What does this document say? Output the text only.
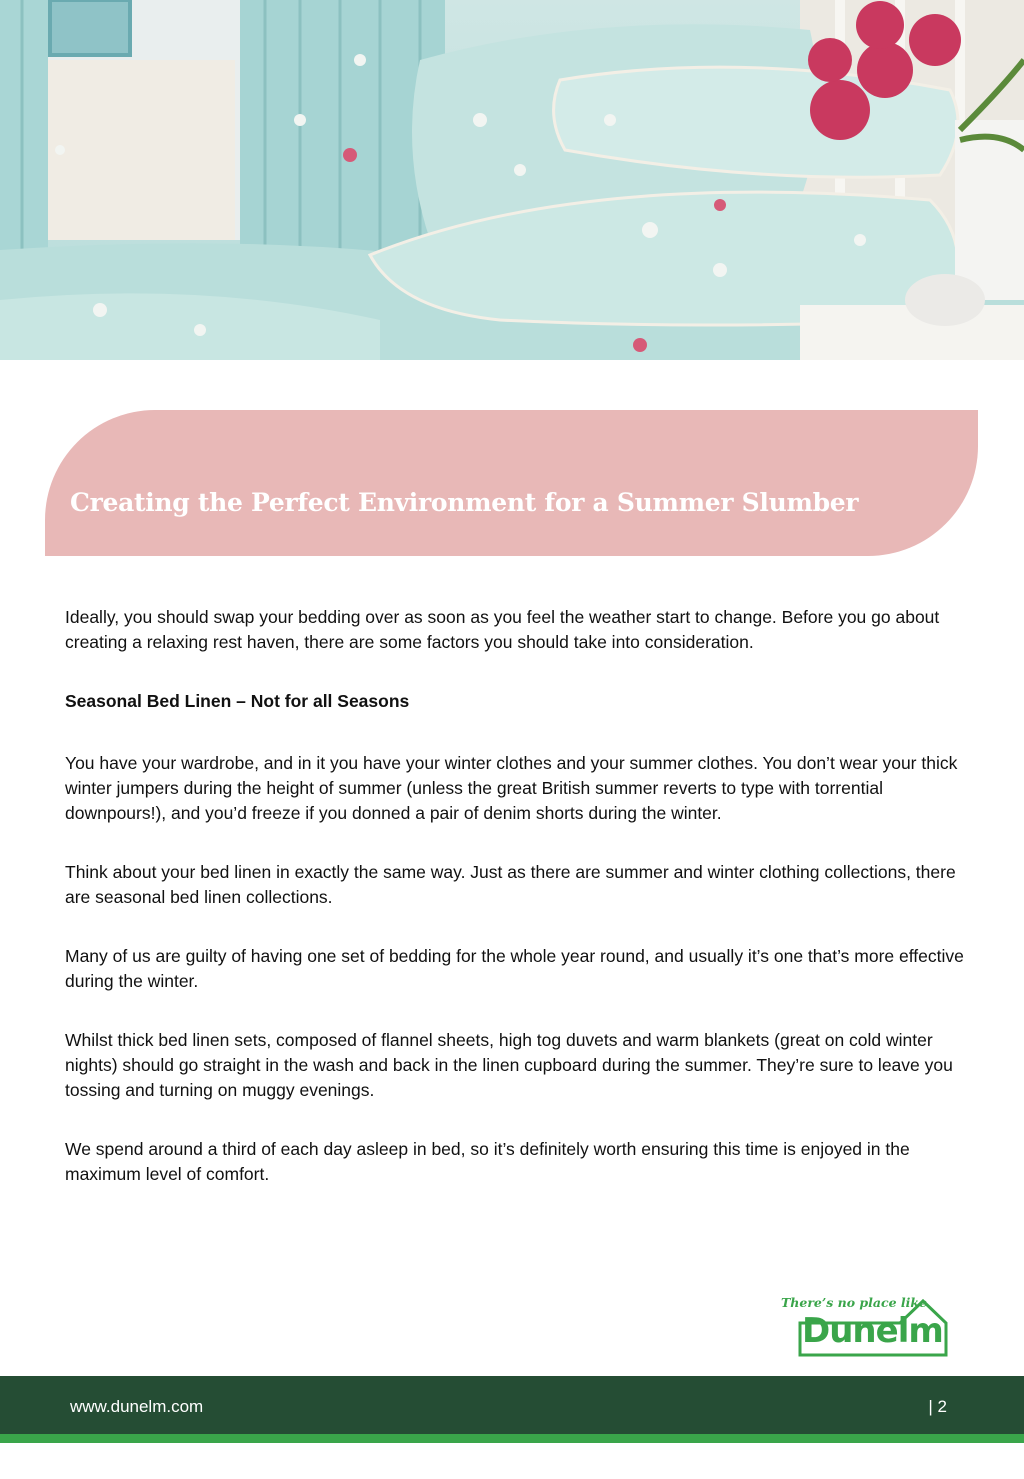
Creating the Perfect Environment for a Summer Slumber

Ideally, you should swap your bedding over as soon as you feel the weather start to change. Before you go about creating a relaxing rest haven, there are some factors you should take into consideration.

Seasonal Bed Linen – Not for all Seasons

You have your wardrobe, and in it you have your winter clothes and your summer clothes. You don’t wear your thick winter jumpers during the height of summer (unless the great British summer reverts to type with torrential downpours!), and you’d freeze if you donned a pair of denim shorts during the winter.

Think about your bed linen in exactly the same way. Just as there are summer and winter clothing collections, there are seasonal bed linen collections.

Many of us are guilty of having one set of bedding for the whole year round, and usually it’s one that’s more effective during the winter.

Whilst thick bed linen sets, composed of flannel sheets, high tog duvets and warm blankets (great on cold winter nights) should go straight in the wash and back in the linen cupboard during the summer. They’re sure to leave you tossing and turning on muggy evenings.

We spend around a third of each day asleep in bed, so it’s definitely worth ensuring this time is enjoyed in the maximum level of comfort.

There’s no place like
Dunelm
www.dunelm.com	| 2
